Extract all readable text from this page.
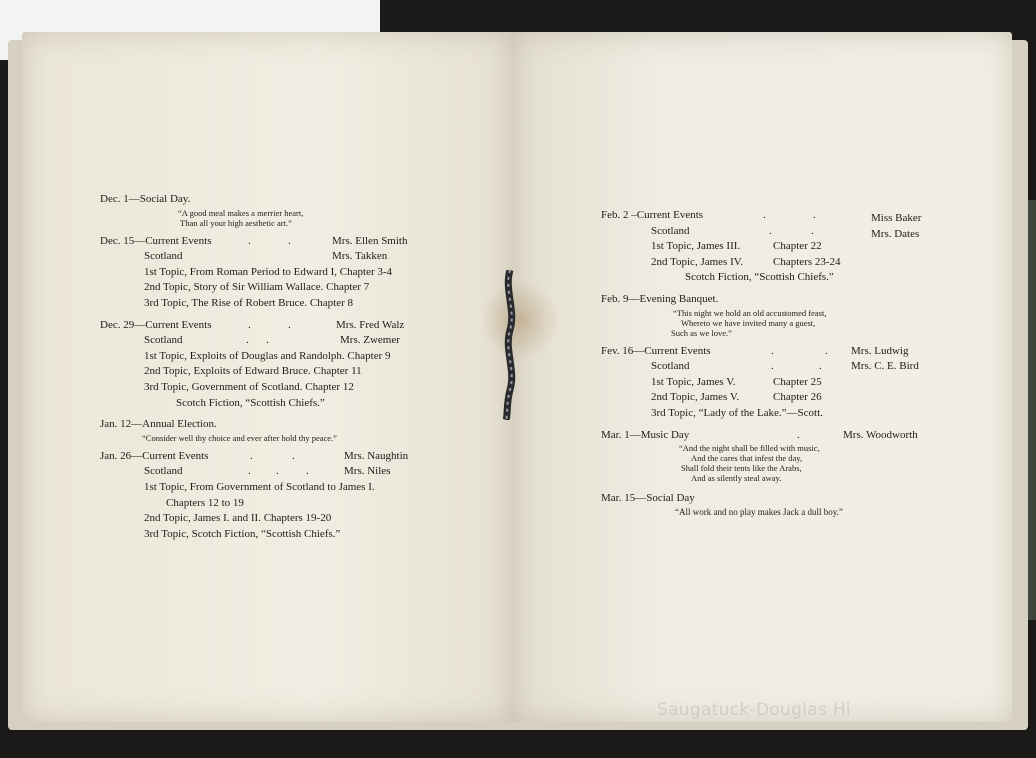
Dec. 1—Social Day.
“A good meal makes a merrier heart,
Than all your high aesthetic art.”
Dec. 15—Current Events	.	.	Mrs. Ellen Smith
Scotland	Mrs. Takken
1st Topic, From Roman Period to Edward I, Chapter 3-4
2nd Topic, Story of Sir William Wallace. Chapter 7
3rd Topic, The Rise of Robert Bruce. Chapter 8
Dec. 29—Current Events	.	.	Mrs. Fred Walz
Scotland	. .	Mrs. Zwemer
1st Topic, Exploits of Douglas and Randolph. Chapter 9
2nd Topic, Exploits of Edward Bruce. Chapter 11
3rd Topic, Government of Scotland. Chapter 12
Scotch Fiction, “Scottish Chiefs.”
Jan. 12—Annual Election.
“Consider well thy choice and ever after hold thy peace.”
Jan. 26—Current Events	.	.	Mrs. Naughtin
Scotland	. . .	Mrs. Niles
1st Topic, From Government of Scotland to James I.
Chapters 12 to 19
2nd Topic, James I. and II. Chapters 19-20
3rd Topic, Scotch Fiction, “Scottish Chiefs.”
Feb. 2 –Current Events	.	.	Miss Baker
Scotland	.	.	Mrs. Dates
1st Topic, James III.	Chapter 22
2nd Topic, James IV.	Chapters 23-24
Scotch Fiction, “Scottish Chiefs.”
Feb. 9—Evening Banquet.
“This night we hold an old accustomed feast,
Whereto we have invited many a guest,
Such as we love.”
Fev. 16—Current Events	.	. Mrs. Ludwig
Scotland	.	.	Mrs. C. E. Bird
1st Topic, James V.	Chapter 25
2nd Topic, James V.	Chapter 26
3rd Topic, “Lady of the Lake.”—Scott.
Mar. 1—Music Day	.	Mrs. Woodworth
“And the night shall be filled with music,
And the cares that infest the day,
Shall fold their tents like the Arabs,
And as silently steal away.
Mar. 15—Social Day
“All work and no play makes Jack a dull boy.”
Saugatuck-Douglas Hi
